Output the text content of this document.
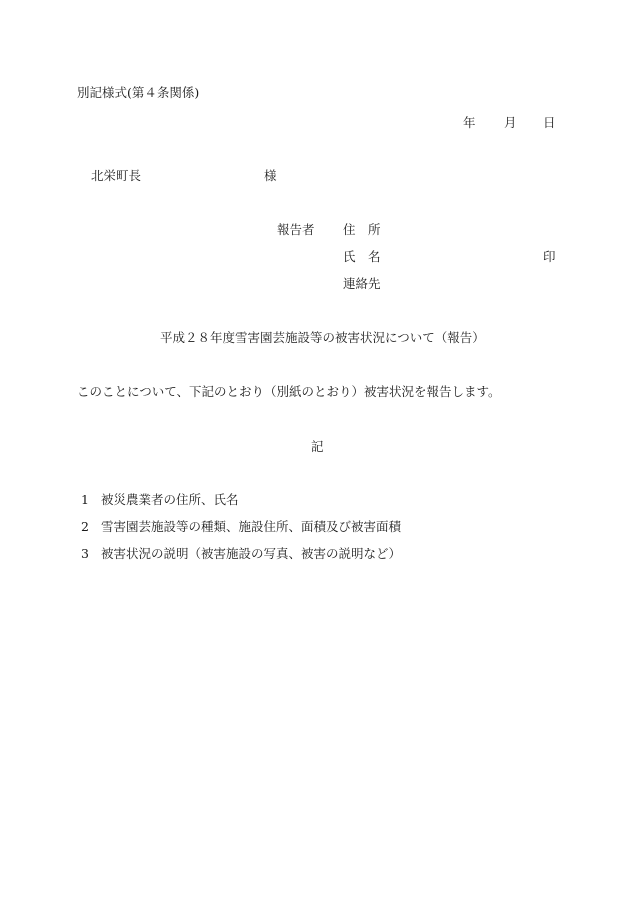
別記様式(第４条関係)
年 月 日
北栄町長	様
報告者 住　所
氏　名	印
連絡先
平成２８年度雪害園芸施設等の被害状況について（報告）
このことについて、下記のとおり（別紙のとおり）被害状況を報告します。
記
1 被災農業者の住所、氏名
2 雪害園芸施設等の種類、施設住所、面積及び被害面積
3 被害状況の説明（被害施設の写真、被害の説明など）
